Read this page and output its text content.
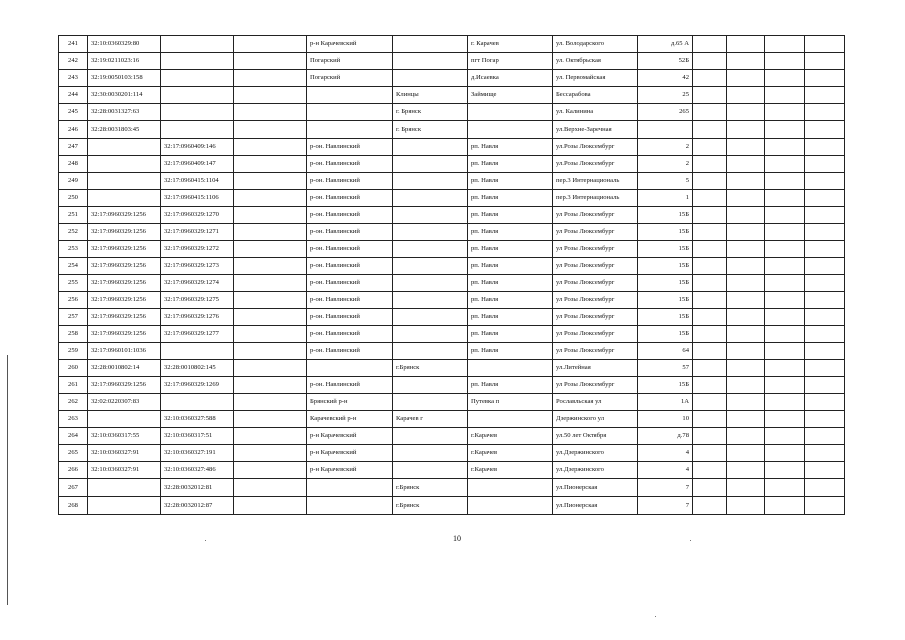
241	32:10:0360329:80			р-н Карачевский		г. Карачев	ул. Володарского	д.65 А				
242	32:19:0211023:16			Погарский		пгт Погар	ул. Октябрьская	52Б				
243	32:19:0050103:158			Погарский		д.Исаевка	ул. Первомайская	42				
244	32:30:0030201:114				Клинцы	Займище	Бессарабова	25				
245	32:28:0031327:63				г. Брянск		ул. Калинина	265				
246	32:28:0031803:45				г. Брянск		ул.Верхне-Заречная					
247		32:17:0960409:146		р-он. Навлинский		рп. Навля	ул.Розы Люксембург	2				
248		32:17:0960409:147		р-он. Навлинский		рп. Навля	ул.Розы Люксембург	2				
249		32:17:0960415:1104		р-он. Навлинский		рп. Навля	пер.3 Интернациональ	5				
250		32:17:0960415:1106		р-он. Навлинский		рп. Навля	пер.3 Интернациональ	1				
251	32:17:0960329:1256	32:17:0960329:1270		р-он. Навлинский		рп. Навля	ул Розы Люксембург	15Б				
252	32:17:0960329:1256	32:17:0960329:1271		р-он. Навлинский		рп. Навля	ул Розы Люксембург	15Б				
253	32:17:0960329:1256	32:17:0960329:1272		р-он. Навлинский		рп. Навля	ул Розы Люксембург	15Б				
254	32:17:0960329:1256	32:17:0960329:1273		р-он. Навлинский		рп. Навля	ул Розы Люксембург	15Б				
255	32:17:0960329:1256	32:17:0960329:1274		р-он. Навлинский		рп. Навля	ул Розы Люксембург	15Б				
256	32:17:0960329:1256	32:17:0960329:1275		р-он. Навлинский		рп. Навля	ул Розы Люксембург	15Б				
257	32:17:0960329:1256	32:17:0960329:1276		р-он. Навлинский		рп. Навля	ул Розы Люксембург	15Б				
258	32:17:0960329:1256	32:17:0960329:1277		р-он. Навлинский		рп. Навля	ул Розы Люксембург	15Б				
259	32:17:0960101:1036			р-он. Навлинский		рп. Навля	ул Розы Люксембург	64				
260	32:28:0010802:14	32:28:0010802:145			г.Брянск		ул.Литейная	57				
261	32:17:0960329:1256	32:17:0960329:1269		р-он. Навлинский		рп. Навля	ул Розы Люксембург	15Б				
262	32:02:0220307:83			Брянский р-н		Путевка п	Рославльская ул	1А				
263		32:10:0360327:588		Карачевский р-н	Карачев г		Дзержинского ул	10				
264	32:10:0360317:55	32:10:0360317:51		р-н Карачевский		г.Карачев	ул.50 лет Октября	д.78				
265	32:10:0360327:91	32:10:0360327:191		р-н Карачевский		г.Карачев	ул.Дзержинского	4				
266	32:10:0360327:91	32:10:0360327:486		р-н Карачевский		г.Карачев	ул.Дзержинского	4				
267		32:28:0032012:81			г.Брянск		ул.Пионерская	7				
268		32:28:0032012:87			г.Брянск		ул.Пионерская	7				
10
